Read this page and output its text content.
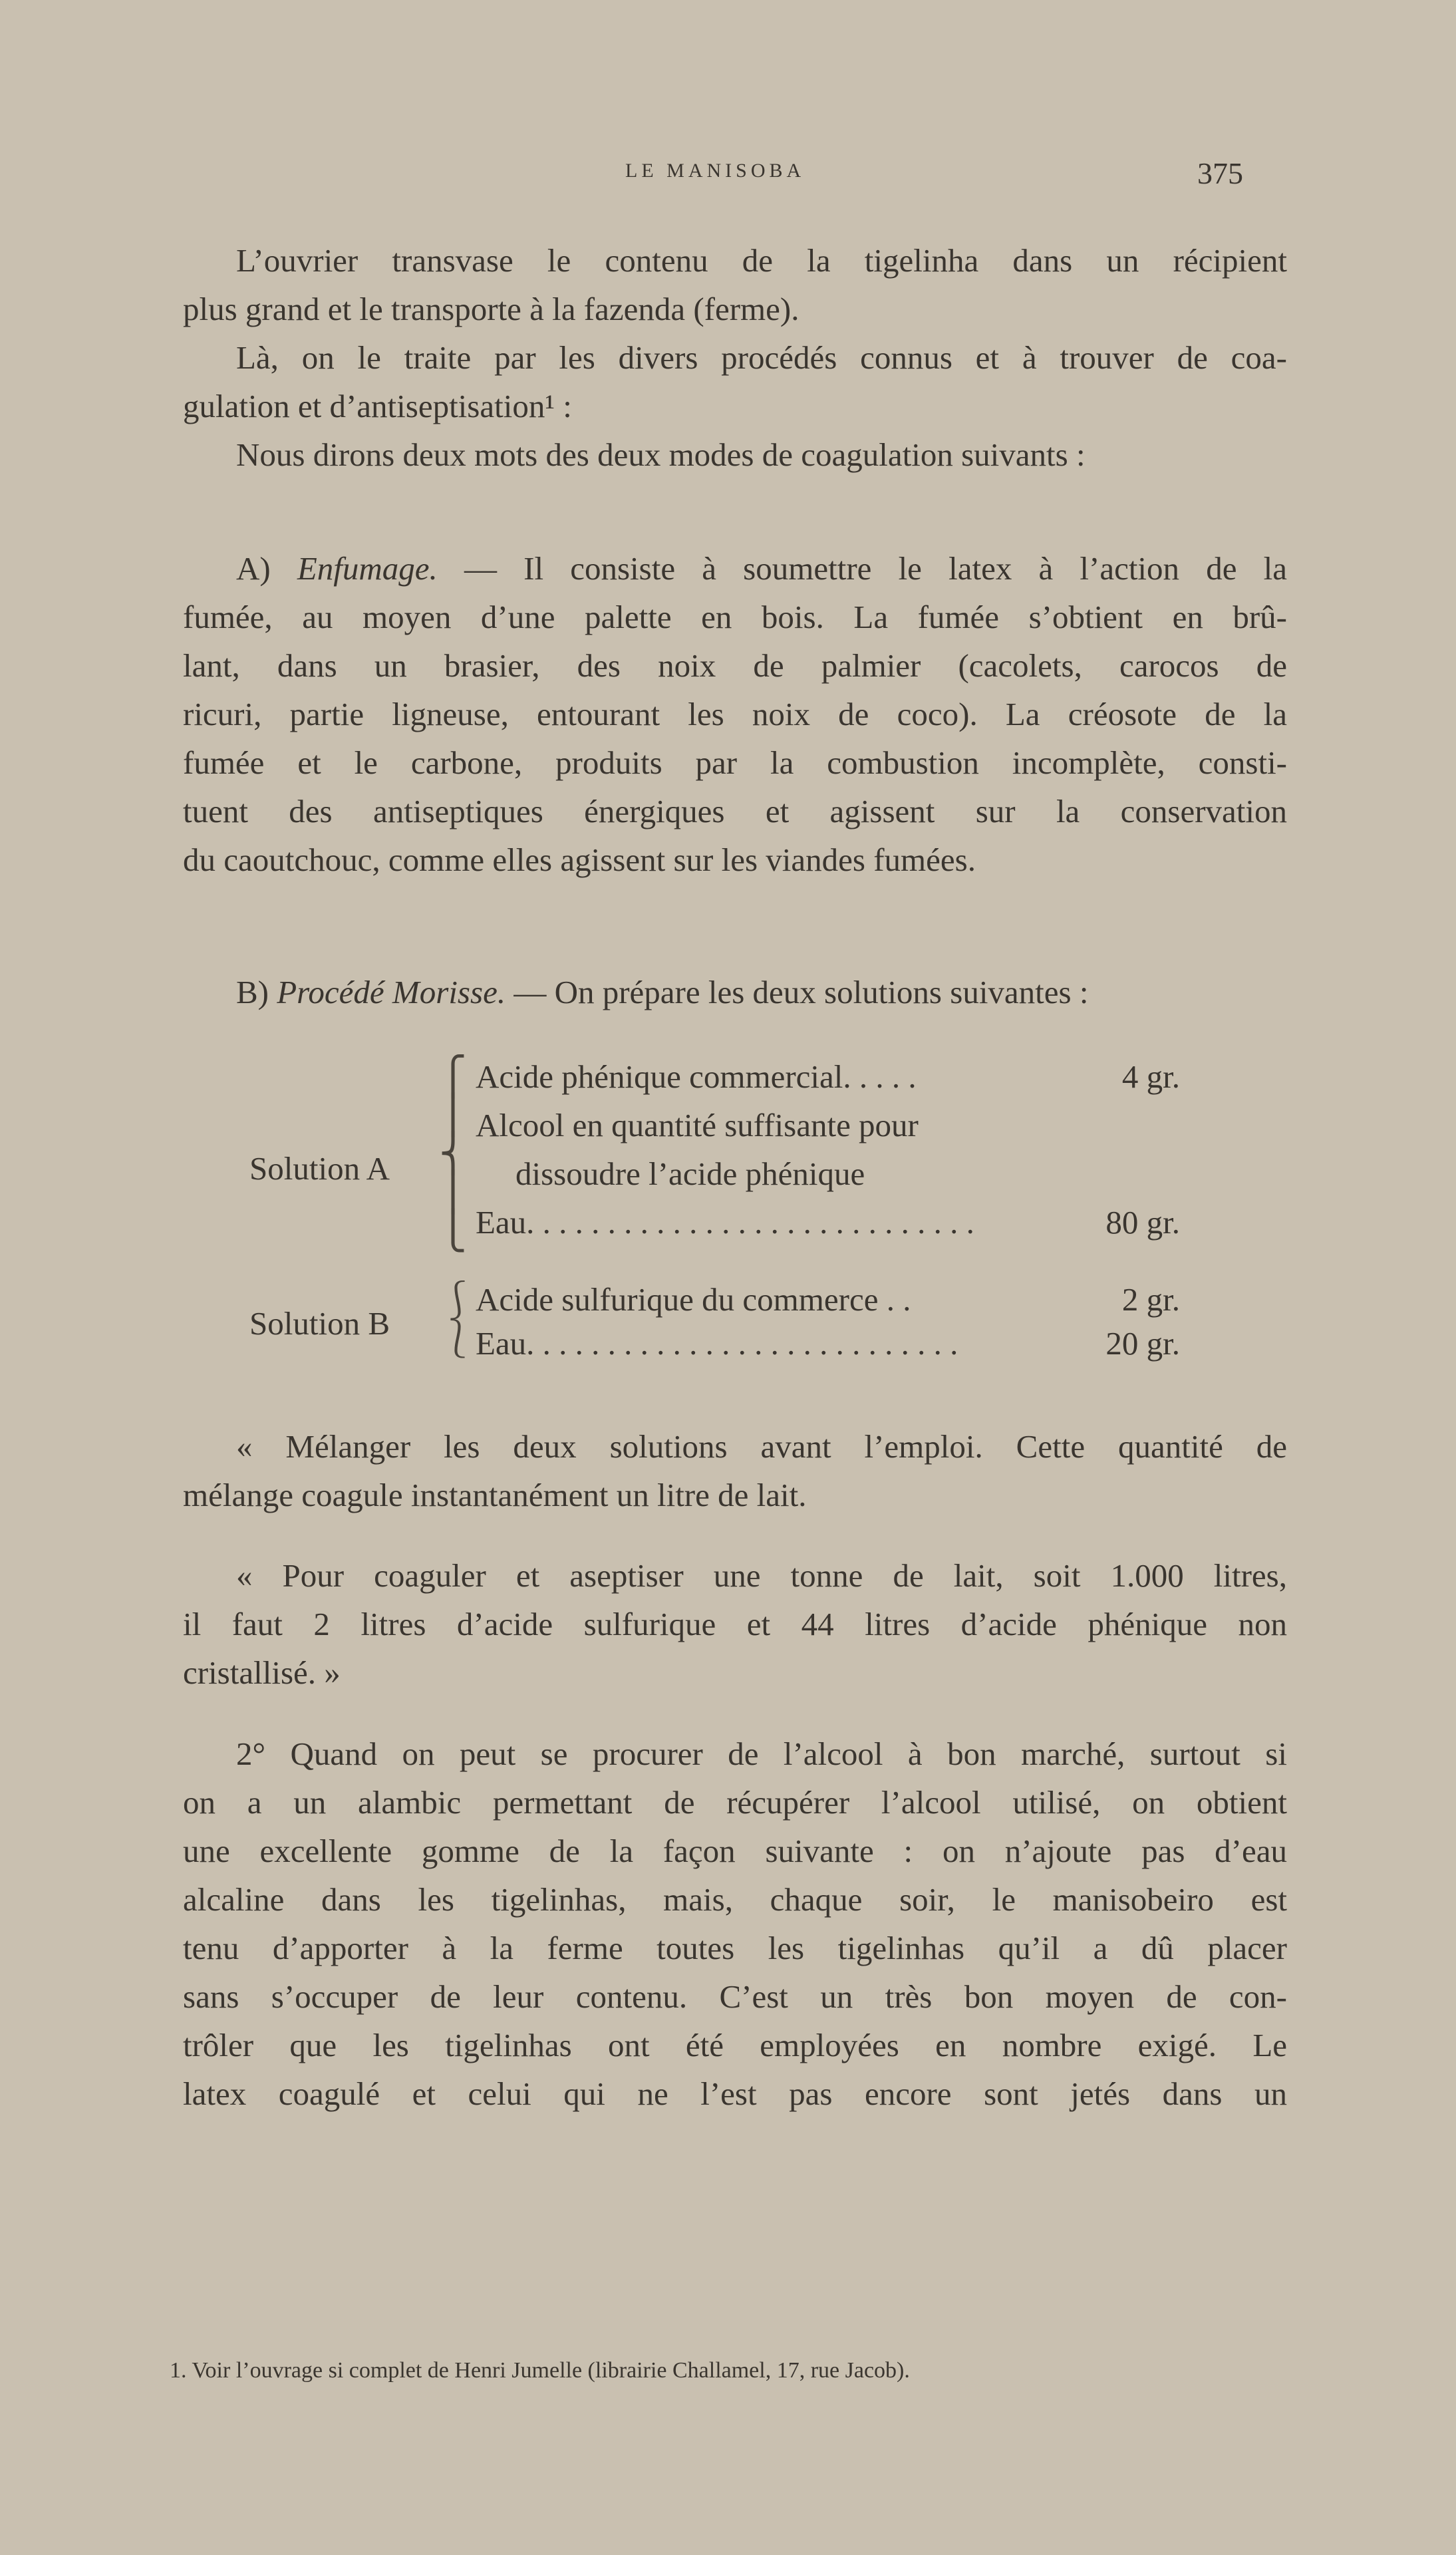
LE MANISOBA	375

L’ouvrier transvase le contenu de la tigelinha dans un récipient
plus grand et le transporte à la fazenda (ferme).

Là, on le traite par les divers procédés connus et à trouver de coa-
gulation et d’antiseptisation¹ :

Nous dirons deux mots des deux modes de coagulation suivants :

A) Enfumage. — Il consiste à soumettre le latex à l’action de la
fumée, au moyen d’une palette en bois. La fumée s’obtient en brû-
lant, dans un brasier, des noix de palmier (cacolets, carocos de
ricuri, partie ligneuse, entourant les noix de coco). La créosote de la
fumée et le carbone, produits par la combustion incomplète, consti-
tuent des antiseptiques énergiques et agissent sur la conservation
du caoutchouc, comme elles agissent sur les viandes fumées.

B) Procédé Morisse. — On prépare les deux solutions suivantes :

Solution A
⎧
⎪
⎨
⎪
⎩
Acide phénique commercial. . . . .	4 gr.
Alcool en quantité suffisante pour
dissoudre l’acide phénique
Eau. . . . . . . . . . . . . . . . . . . . . . . . . . . .	80 gr.
Solution B
⎰
⎱
Acide sulfurique du commerce . .	2 gr.
Eau. . . . . . . . . . . . . . . . . . . . . . . . . . .	20 gr.

« Mélanger les deux solutions avant l’emploi. Cette quantité de
mélange coagule instantanément un litre de lait.

« Pour coaguler et aseptiser une tonne de lait, soit 1.000 litres,
il faut 2 litres d’acide sulfurique et 44 litres d’acide phénique non
cristallisé. »

2° Quand on peut se procurer de l’alcool à bon marché, surtout si
on a un alambic permettant de récupérer l’alcool utilisé, on obtient
une excellente gomme de la façon suivante : on n’ajoute pas d’eau
alcaline dans les tigelinhas, mais, chaque soir, le manisobeiro est
tenu d’apporter à la ferme toutes les tigelinhas qu’il a dû placer
sans s’occuper de leur contenu. C’est un très bon moyen de con-
trôler que les tigelinhas ont été employées en nombre exigé. Le
latex coagulé et celui qui ne l’est pas encore sont jetés dans un

1. Voir l’ouvrage si complet de Henri Jumelle (librairie Challamel, 17, rue Jacob).
